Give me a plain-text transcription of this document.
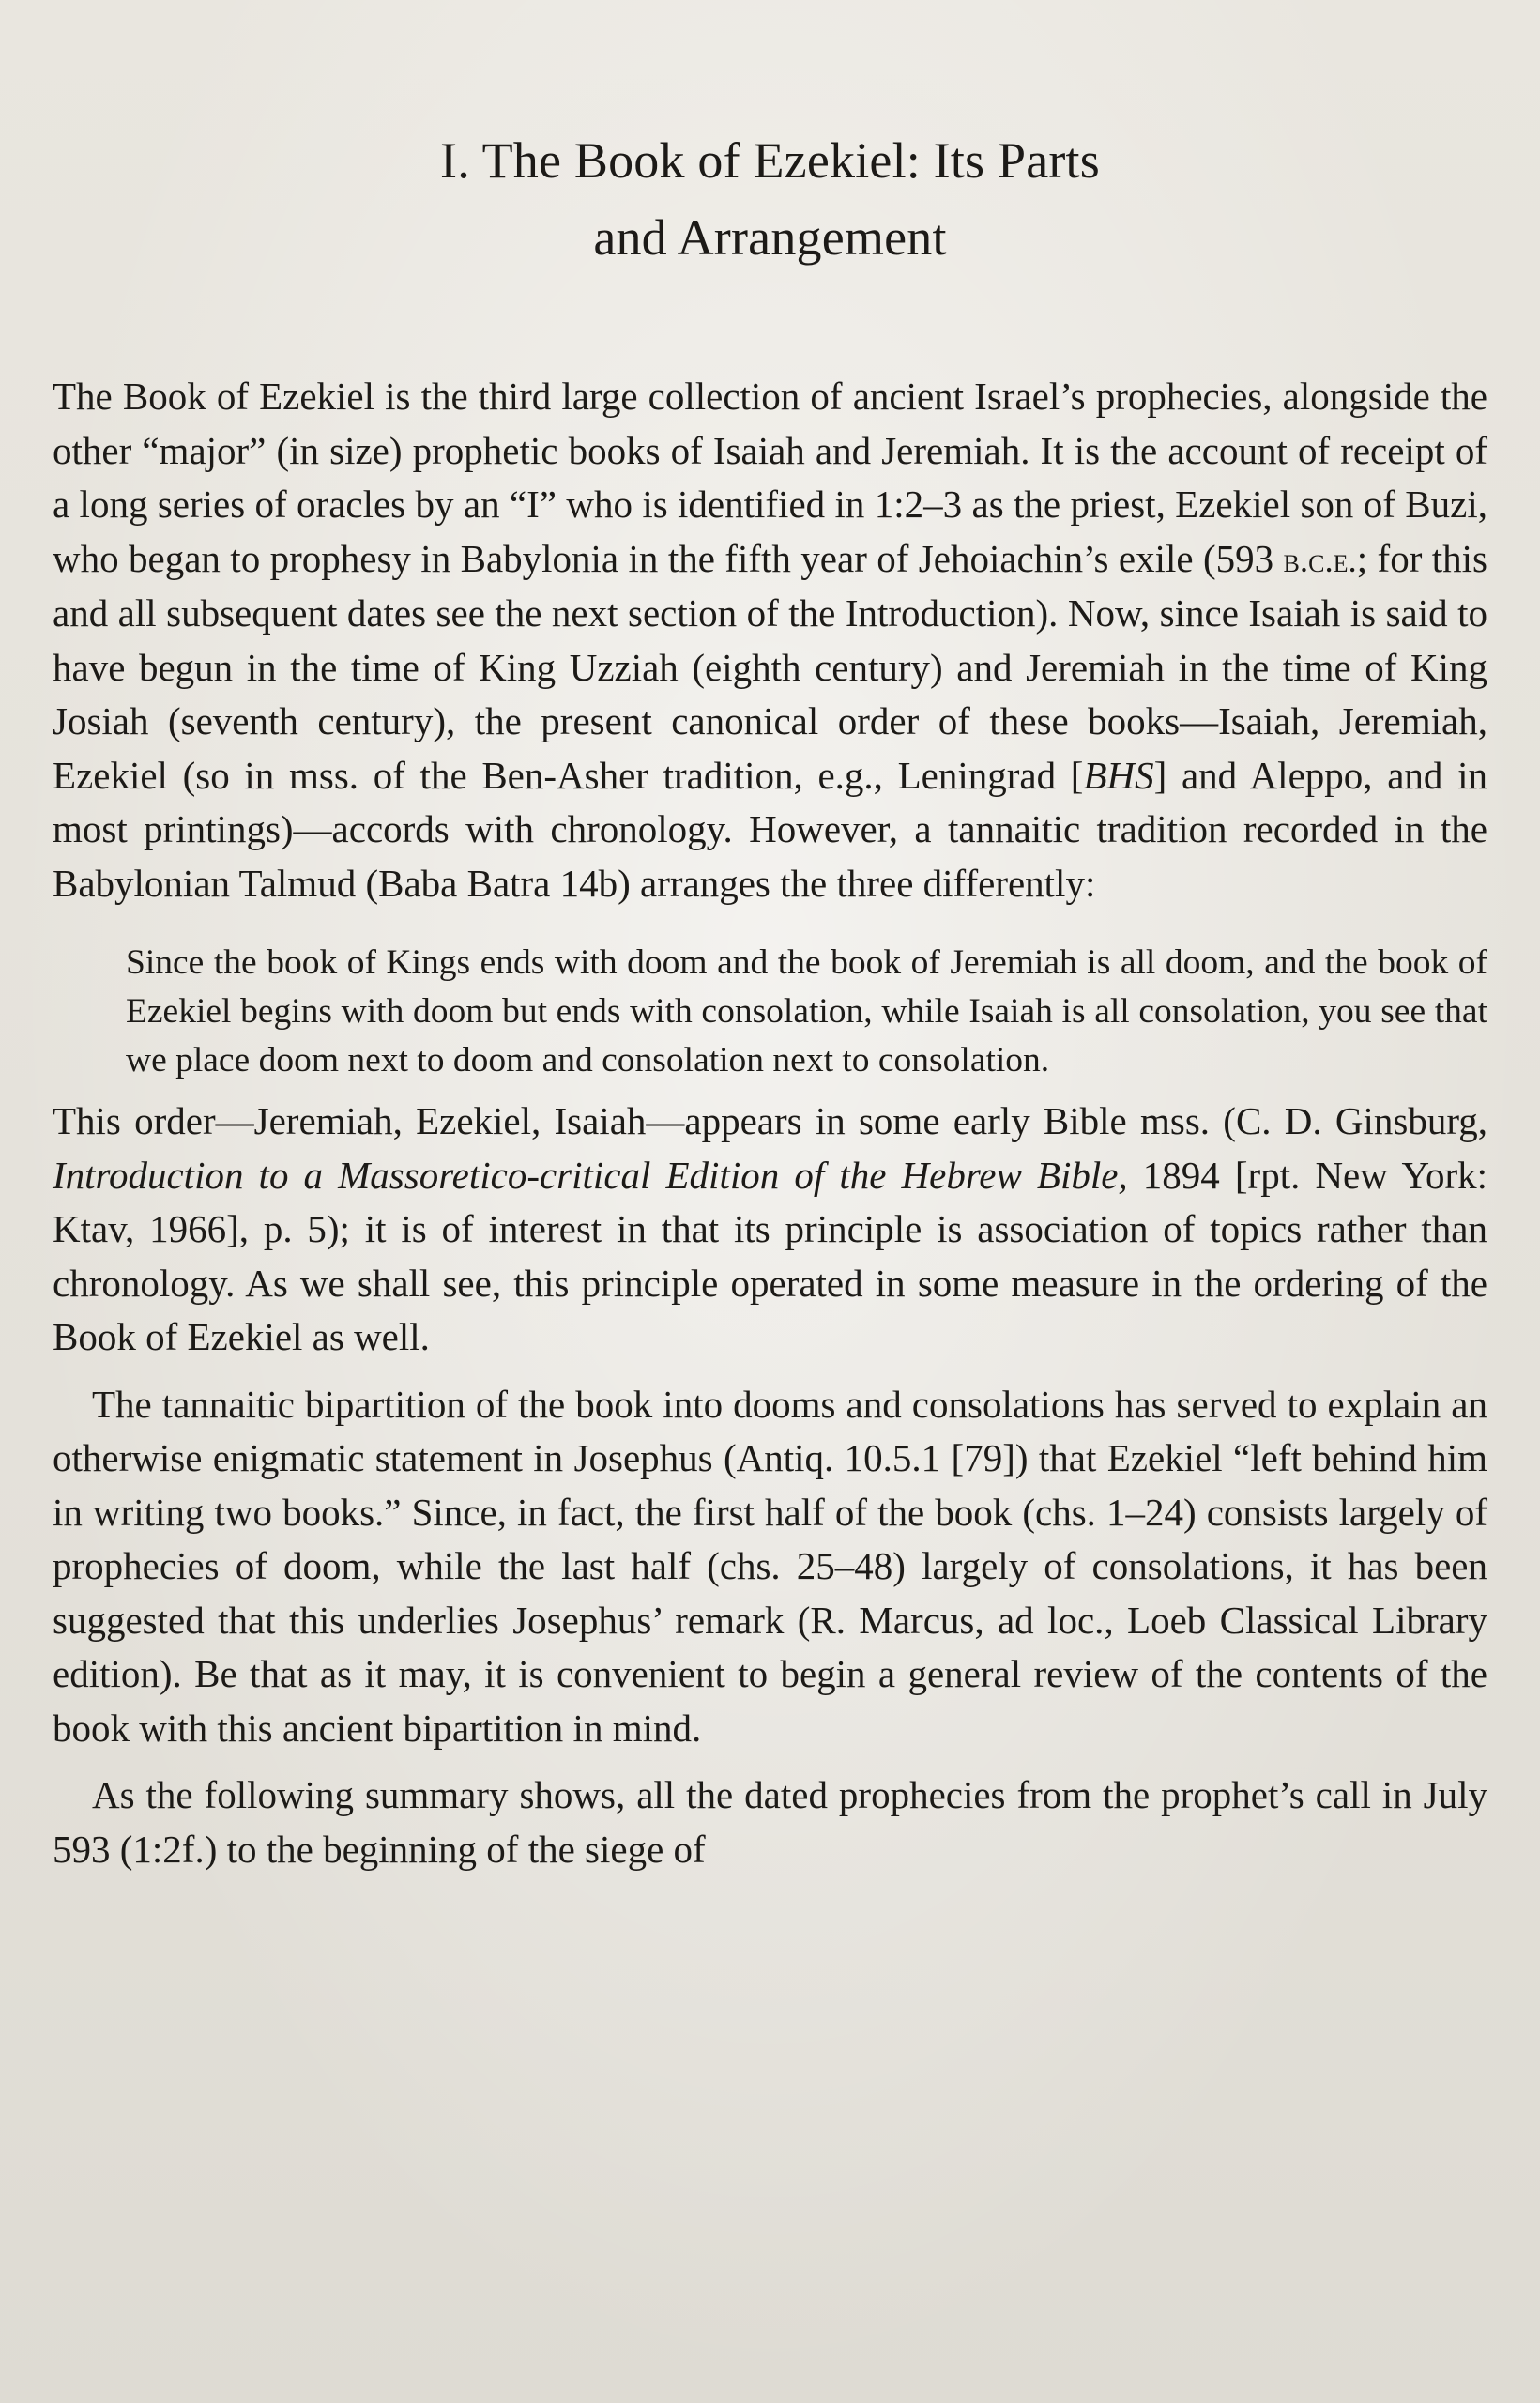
I. The Book of Ezekiel: Its Parts
and Arrangement

The Book of Ezekiel is the third large collection of ancient Israel’s prophecies, alongside the other “major” (in size) prophetic books of Isaiah and Jeremiah. It is the account of receipt of a long series of oracles by an “I” who is identified in 1:2–3 as the priest, Ezekiel son of Buzi, who began to prophesy in Babylonia in the fifth year of Jehoiachin’s exile (593 b.c.e.; for this and all subsequent dates see the next section of the Introduction). Now, since Isaiah is said to have begun in the time of King Uzziah (eighth century) and Jeremiah in the time of King Josiah (seventh century), the present canonical order of these books—Isaiah, Jeremiah, Ezekiel (so in mss. of the Ben-Asher tradition, e.g., Leningrad [BHS] and Aleppo, and in most printings)—accords with chronology. However, a tannaitic tradition recorded in the Babylonian Talmud (Baba Batra 14b) arranges the three differently:

Since the book of Kings ends with doom and the book of Jeremiah is all doom, and the book of Ezekiel begins with doom but ends with consolation, while Isaiah is all consolation, you see that we place doom next to doom and consolation next to consolation.

This order—Jeremiah, Ezekiel, Isaiah—appears in some early Bible mss. (C. D. Ginsburg, Introduction to a Massoretico-critical Edition of the Hebrew Bible, 1894 [rpt. New York: Ktav, 1966], p. 5); it is of interest in that its principle is association of topics rather than chronology. As we shall see, this principle operated in some measure in the ordering of the Book of Ezekiel as well.

The tannaitic bipartition of the book into dooms and consolations has served to explain an otherwise enigmatic statement in Josephus (Antiq. 10.5.1 [79]) that Ezekiel “left behind him in writing two books.” Since, in fact, the first half of the book (chs. 1–24) consists largely of prophecies of doom, while the last half (chs. 25–48) largely of consolations, it has been suggested that this underlies Josephus’ remark (R. Marcus, ad loc., Loeb Classical Library edition). Be that as it may, it is convenient to begin a general review of the contents of the book with this ancient bipartition in mind.

As the following summary shows, all the dated prophecies from the prophet’s call in July 593 (1:2f.) to the beginning of the siege of
